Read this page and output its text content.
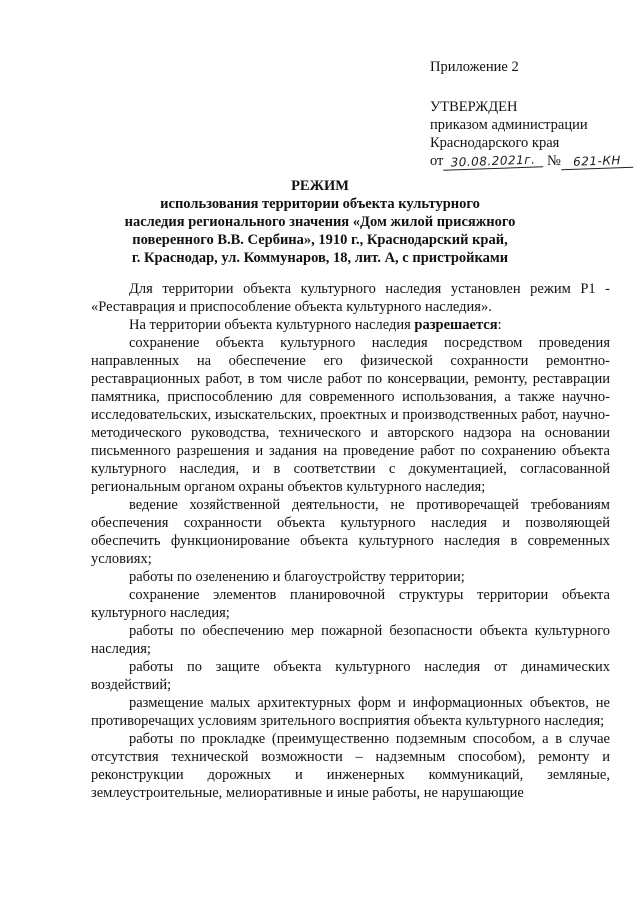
Приложение 2
УТВЕРЖДЕН
приказом администрации
Краснодарского края
от 30.08.2021г. № 621-КН
РЕЖИМ
использования территории объекта культурного
наследия регионального значения «Дом жилой присяжного
поверенного В.В. Сербина», 1910 г., Краснодарский край,
г. Краснодар, ул. Коммунаров, 18, лит. А, с пристройками

Для территории объекта культурного наследия установлен режим Р1 - «Реставрация и приспособление объекта культурного наследия».

На территории объекта культурного наследия разрешается:

сохранение объекта культурного наследия посредством проведения направленных на обеспечение его физической сохранности ремонтно-реставрационных работ, в том числе работ по консервации, ремонту, реставрации памятника, приспособлению для современного использования, а также научно-исследовательских, изыскательских, проектных и производственных работ, научно-методического руководства, технического и авторского надзора на основании письменного разрешения и задания на проведение работ по сохранению объекта культурного наследия, и в соответствии с документацией, согласованной региональным органом охраны объектов культурного наследия;

ведение хозяйственной деятельности, не противоречащей требованиям обеспечения сохранности объекта культурного наследия и позволяющей обеспечить функционирование объекта культурного наследия в современных условиях;

работы по озеленению и благоустройству территории;

сохранение элементов планировочной структуры территории объекта культурного наследия;

работы по обеспечению мер пожарной безопасности объекта культурного наследия;

работы по защите объекта культурного наследия от динамических воздействий;

размещение малых архитектурных форм и информационных объектов, не противоречащих условиям зрительного восприятия объекта культурного наследия;

работы по прокладке (преимущественно подземным способом, а в случае отсутствия технической возможности – надземным способом), ремонту и реконструкции дорожных и инженерных коммуникаций, земляные, землеустроительные, мелиоративные и иные работы, не нарушающие
